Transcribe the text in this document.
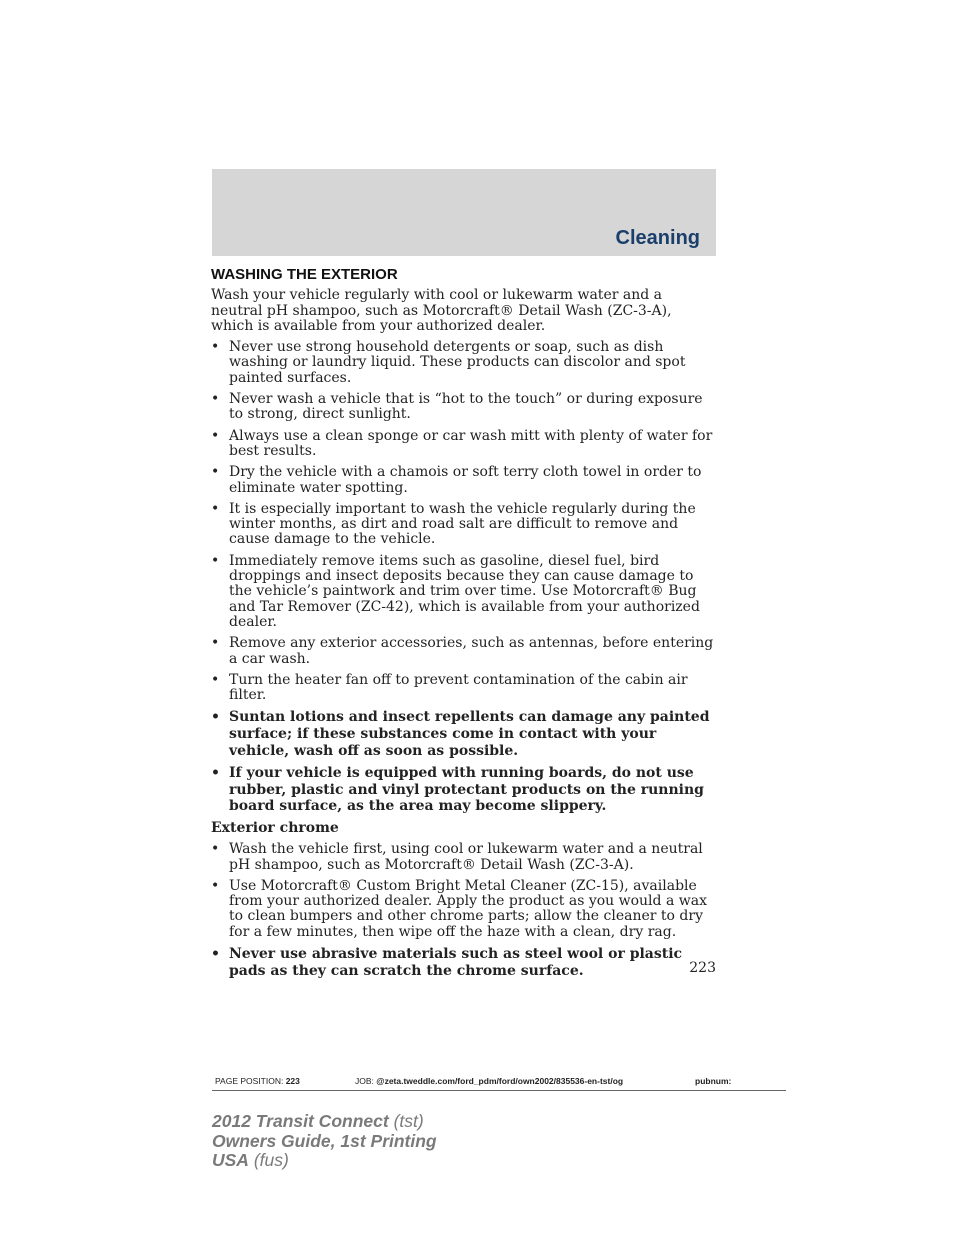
Cleaning
WASHING THE EXTERIOR

Wash your vehicle regularly with cool or lukewarm water and a neutral pH shampoo, such as Motorcraft® Detail Wash (ZC-3-A), which is available from your authorized dealer.

• Never use strong household detergents or soap, such as dish washing or laundry liquid. These products can discolor and spot painted surfaces.
• Never wash a vehicle that is “hot to the touch” or during exposure to strong, direct sunlight.
• Always use a clean sponge or car wash mitt with plenty of water for best results.
• Dry the vehicle with a chamois or soft terry cloth towel in order to eliminate water spotting.
• It is especially important to wash the vehicle regularly during the winter months, as dirt and road salt are difficult to remove and cause damage to the vehicle.
• Immediately remove items such as gasoline, diesel fuel, bird droppings and insect deposits because they can cause damage to the vehicle’s paintwork and trim over time. Use Motorcraft® Bug and Tar Remover (ZC-42), which is available from your authorized dealer.
• Remove any exterior accessories, such as antennas, before entering a car wash.
• Turn the heater fan off to prevent contamination of the cabin air filter.
• Suntan lotions and insect repellents can damage any painted surface; if these substances come in contact with your vehicle, wash off as soon as possible.
• If your vehicle is equipped with running boards, do not use rubber, plastic and vinyl protectant products on the running board surface, as the area may become slippery.
Exterior chrome
• Wash the vehicle first, using cool or lukewarm water and a neutral pH shampoo, such as Motorcraft® Detail Wash (ZC-3-A).
• Use Motorcraft® Custom Bright Metal Cleaner (ZC-15), available from your authorized dealer. Apply the product as you would a wax to clean bumpers and other chrome parts; allow the cleaner to dry for a few minutes, then wipe off the haze with a clean, dry rag.
• Never use abrasive materials such as steel wool or plastic pads as they can scratch the chrome surface.	223
PAGE POSITION: 223	JOB: @zeta.tweddle.com/ford_pdm/ford/own2002/835536-en-tst/og	pubnum:
2012 Transit Connect (tst)
Owners Guide, 1st Printing
USA (fus)
